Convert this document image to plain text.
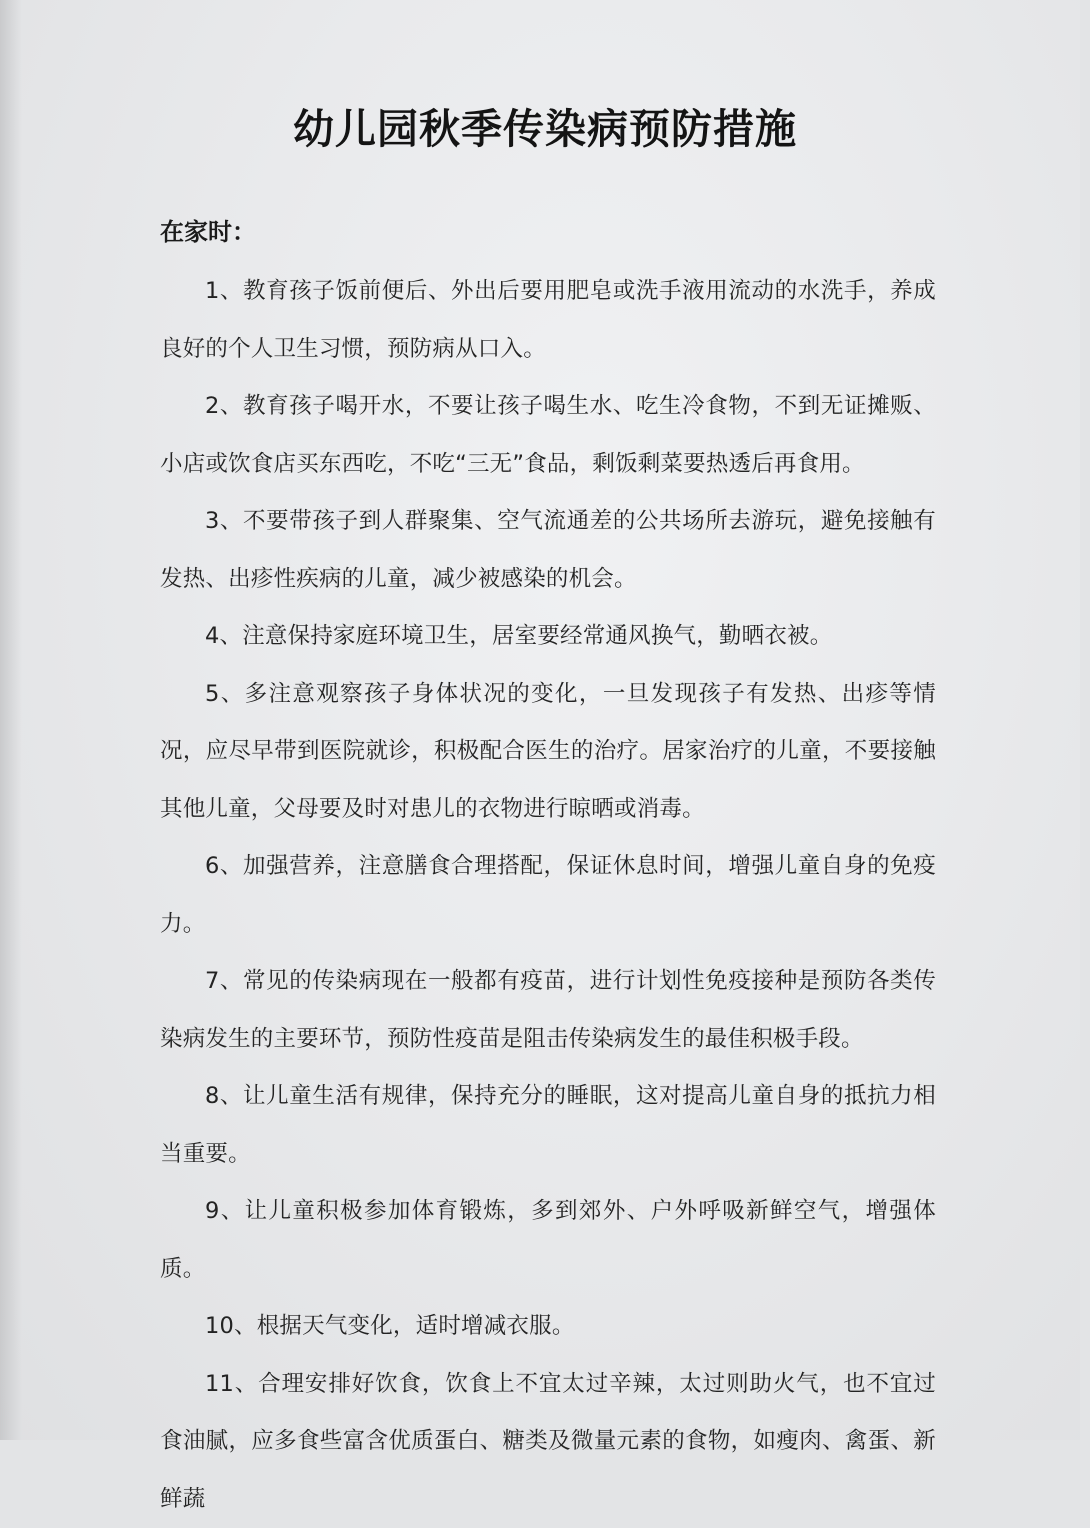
幼儿园秋季传染病预防措施
在家时：

1、教育孩子饭前便后、外出后要用肥皂或洗手液用流动的水洗手，养成良好的个人卫生习惯，预防病从口入。

2、教育孩子喝开水，不要让孩子喝生水、吃生冷食物，不到无证摊贩、小店或饮食店买东西吃，不吃“三无”食品，剩饭剩菜要热透后再食用。

3、不要带孩子到人群聚集、空气流通差的公共场所去游玩，避免接触有发热、出疹性疾病的儿童，减少被感染的机会。

4、注意保持家庭环境卫生，居室要经常通风换气，勤晒衣被。

5、多注意观察孩子身体状况的变化，一旦发现孩子有发热、出疹等情况，应尽早带到医院就诊，积极配合医生的治疗。居家治疗的儿童，不要接触其他儿童，父母要及时对患儿的衣物进行晾晒或消毒。

6、加强营养，注意膳食合理搭配，保证休息时间，增强儿童自身的免疫力。

7、常见的传染病现在一般都有疫苗，进行计划性免疫接种是预防各类传染病发生的主要环节，预防性疫苗是阻击传染病发生的最佳积极手段。

8、让儿童生活有规律，保持充分的睡眠，这对提高儿童自身的抵抗力相当重要。

9、让儿童积极参加体育锻炼，多到郊外、户外呼吸新鲜空气，增强体质。

10、根据天气变化，适时增减衣服。

11、合理安排好饮食，饮食上不宜太过辛辣，太过则助火气，也不宜过食油腻，应多食些富含优质蛋白、糖类及微量元素的食物，如瘦肉、禽蛋、新鲜蔬
